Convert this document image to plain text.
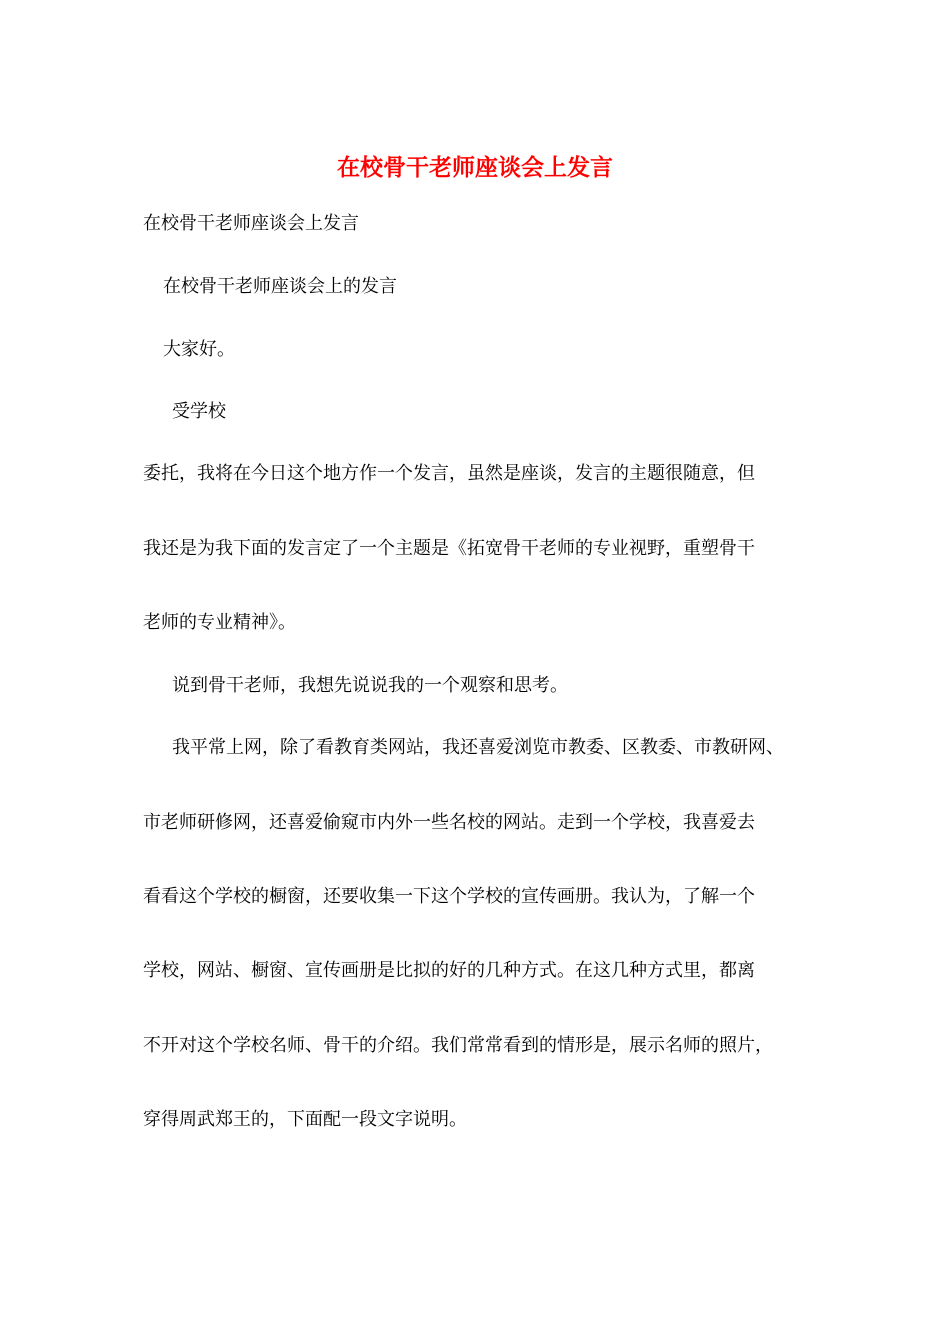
在校骨干老师座谈会上发言

在校骨干老师座谈会上发言

在校骨干老师座谈会上的发言

大家好。

受学校

委托，我将在今日这个地方作一个发言，虽然是座谈，发言的主题很随意，但

我还是为我下面的发言定了一个主题是《拓宽骨干老师的专业视野，重塑骨干

老师的专业精神》。

说到骨干老师，我想先说说我的一个观察和思考。

我平常上网，除了看教育类网站，我还喜爱浏览市教委、区教委、市教研网、

市老师研修网，还喜爱偷窥市内外一些名校的网站。走到一个学校，我喜爱去

看看这个学校的橱窗，还要收集一下这个学校的宣传画册。我认为，了解一个

学校，网站、橱窗、宣传画册是比拟的好的几种方式。在这几种方式里，都离

不开对这个学校名师、骨干的介绍。我们常常看到的情形是，展示名师的照片，

穿得周武郑王的，下面配一段文字说明。
